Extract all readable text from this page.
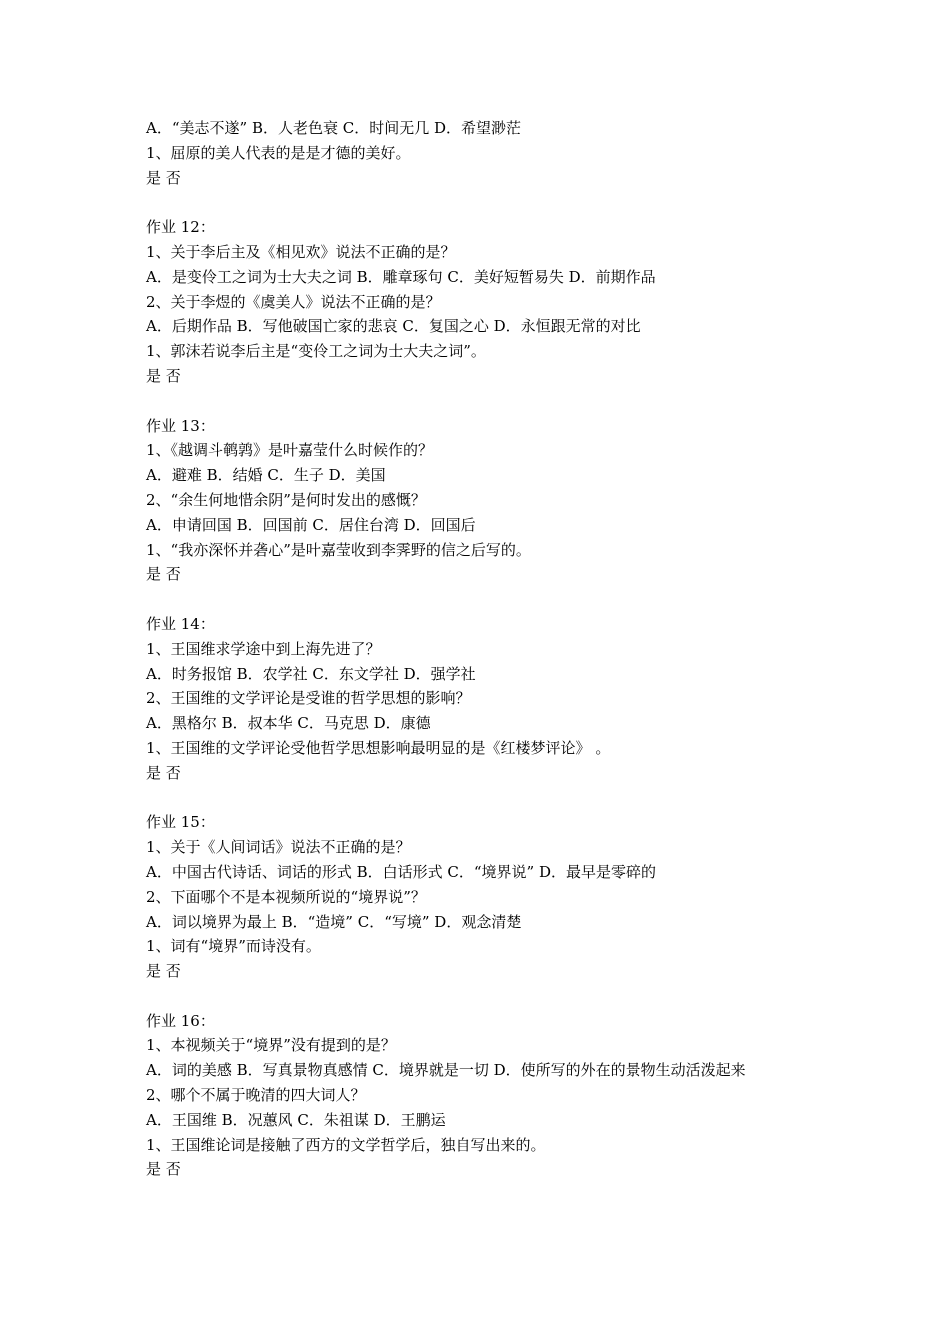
A．“美志不遂” B．人老色衰 C．时间无几 D．希望渺茫

1、屈原的美人代表的是是才德的美好。

是 否

作业 12：

1、关于李后主及《相见欢》说法不正确的是？

A．是变伶工之词为士大夫之词 B．雕章琢句 C．美好短暂易失 D．前期作品

2、关于李煜的《虞美人》说法不正确的是？

A．后期作品 B．写他破国亡家的悲哀 C．复国之心 D．永恒跟无常的对比

1、郭沫若说李后主是“变伶工之词为士大夫之词”。

是 否

作业 13：

1、《越调斗鹌鹑》是叶嘉莹什么时候作的？

A．避难 B．结婚 C．生子 D．美国

2、“余生何地惜余阴”是何时发出的感慨？

A．申请回国 B．回国前 C．居住台湾 D．回国后

1、“我亦深怀并砻心”是叶嘉莹收到李霁野的信之后写的。

是 否

作业 14：

1、王国维求学途中到上海先进了？

A．时务报馆 B．农学社 C．东文学社 D．强学社

2、王国维的文学评论是受谁的哲学思想的影响？

A．黑格尔 B．叔本华 C．马克思 D．康德

1、王国维的文学评论受他哲学思想影响最明显的是《红楼梦评论》 。

是 否

作业 15：

1、关于《人间词话》说法不正确的是？

A．中国古代诗话、词话的形式 B．白话形式 C．“境界说” D．最早是零碎的

2、下面哪个不是本视频所说的“境界说”？

A．词以境界为最上 B．“造境” C．“写境” D．观念清楚

1、词有“境界”而诗没有。

是 否

作业 16：

1、本视频关于“境界”没有提到的是？

A．词的美感 B．写真景物真感情 C．境界就是一切 D．使所写的外在的景物生动活泼起来

2、哪个不属于晚清的四大词人？

A．王国维 B．况蕙风 C．朱祖谋 D．王鹏运

1、王国维论词是接触了西方的文学哲学后，独自写出来的。

是 否
